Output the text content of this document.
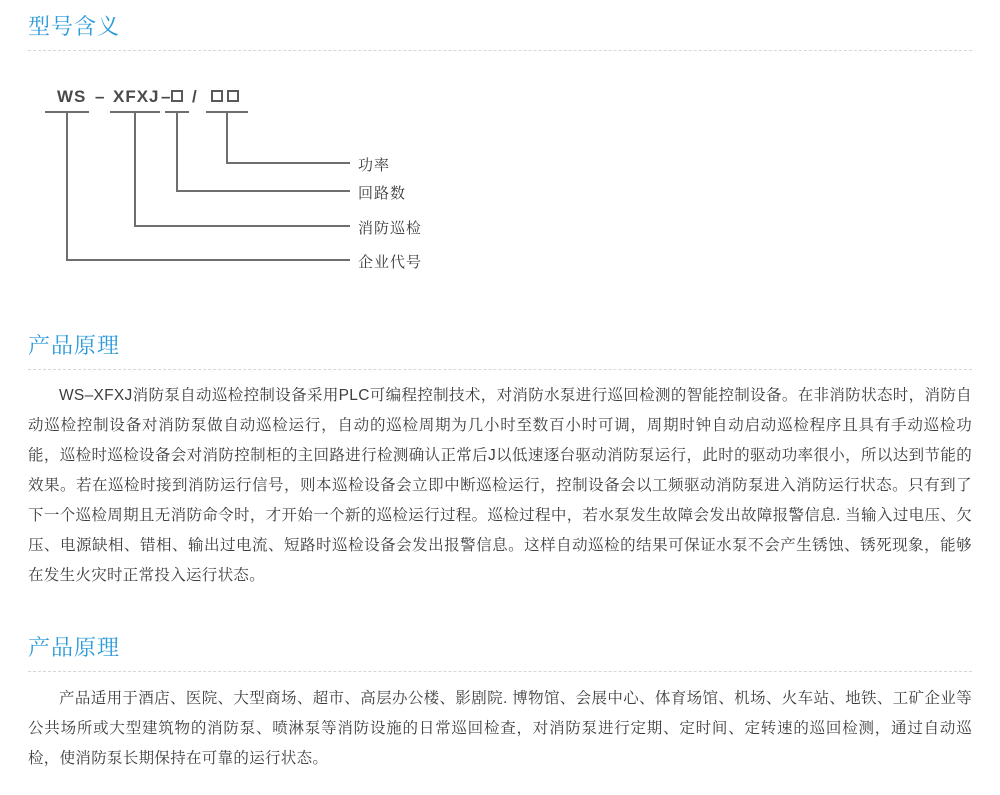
型号含义
WS – XFXJ – /
功率
回路数
消防巡检
企业代号
产品原理

WS–XFXJ消防泵自动巡检控制设备采用PLC可编程控制技术，对消防水泵进行巡回检测的智能控制设备。在非消防状态时，消防自动巡检控制设备对消防泵做自动巡检运行，自动的巡检周期为几小时至数百小时可调，周期时钟自动启动巡检程序且具有手动巡检功能，巡检时巡检设备会对消防控制柜的主回路进行检测确认正常后J以低速逐台驱动消防泵运行，此时的驱动功率很小，所以达到节能的效果。若在巡检时接到消防运行信号，则本巡检设备会立即中断巡检运行，控制设备会以工频驱动消防泵进入消防运行状态。只有到了下一个巡检周期且无消防命令时，才开始一个新的巡检运行过程。巡检过程中，若水泵发生故障会发出故障报警信息. 当输入过电压、欠压、电源缺相、错相、输出过电流、短路时巡检设备会发出报警信息。这样自动巡检的结果可保证水泵不会产生锈蚀、锈死现象，能够在发生火灾时正常投入运行状态。

产品原理

产品适用于酒店、医院、大型商场、超市、高层办公楼、影剧院. 博物馆、会展中心、体育场馆、机场、火车站、地铁、工矿企业等公共场所或大型建筑物的消防泵、喷淋泵等消防设施的日常巡回检查，对消防泵进行定期、定时间、定转速的巡回检测，通过自动巡检，使消防泵长期保持在可靠的运行状态。
